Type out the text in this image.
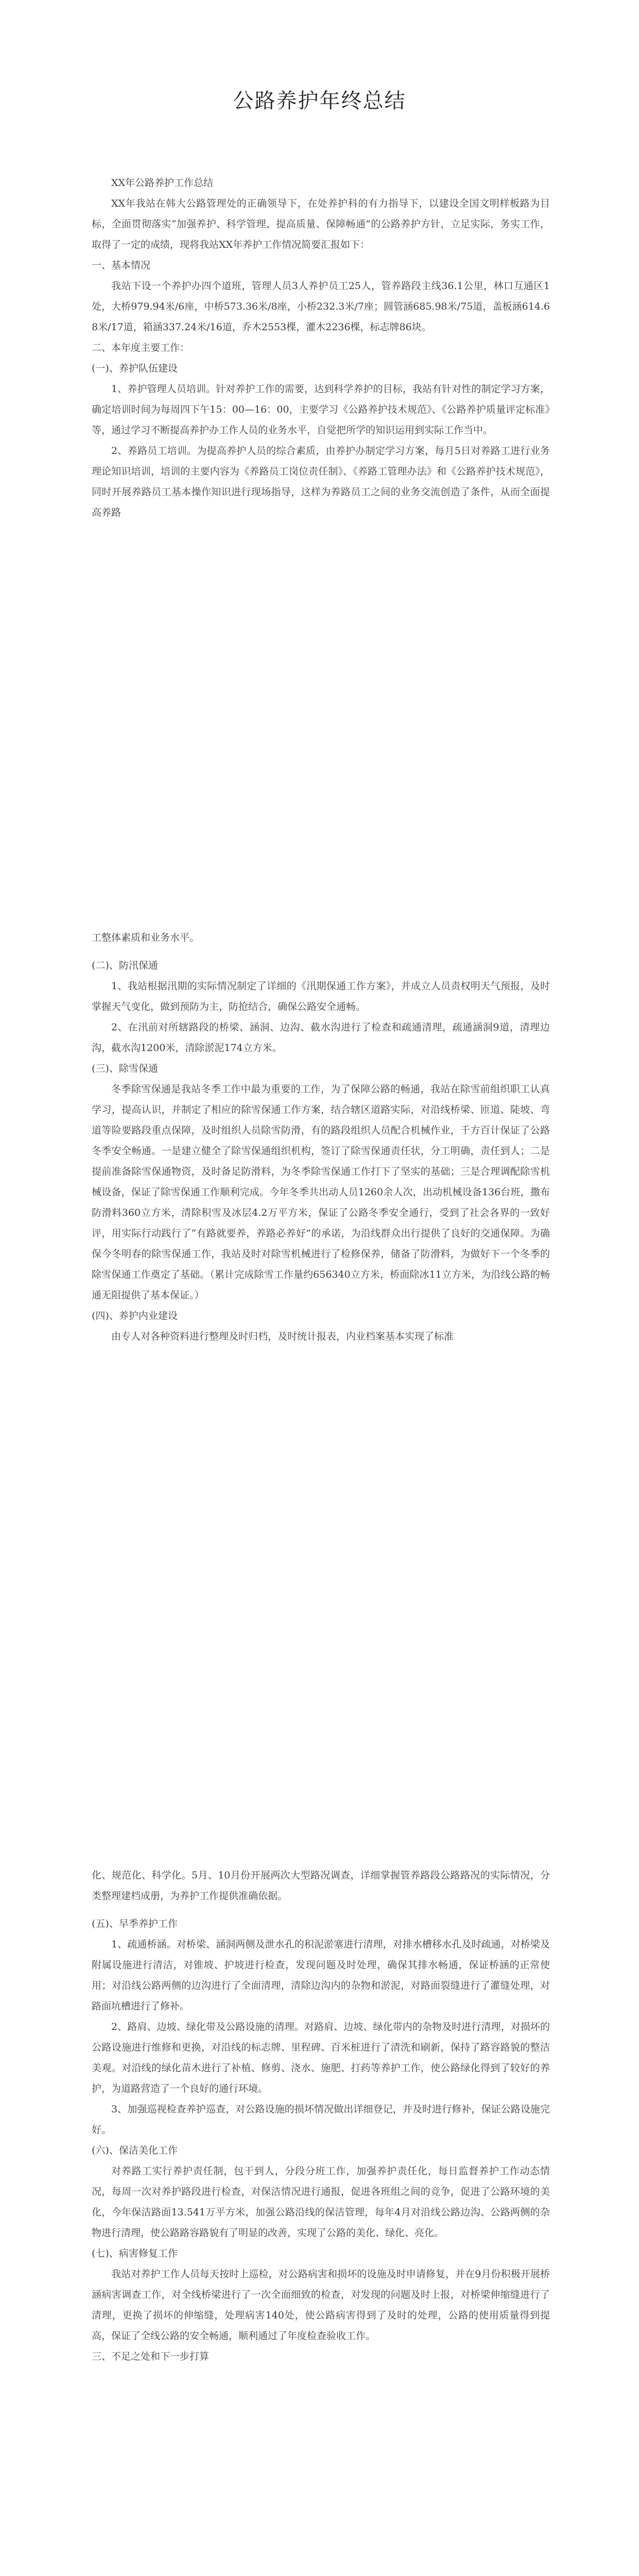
公路养护年终总结

XX年公路养护工作总结

XX年我站在韩大公路管理处的正确领导下，在处养护科的有力指导下，以建设全国文明样板路为目标，全面贯彻落实“加强养护、科学管理、提高质量、保障畅通”的公路养护方针，立足实际，务实工作，取得了一定的成绩，现将我站XX年养护工作情况简要汇报如下：

一、基本情况

我站下设一个养护办四个道班，管理人员3人养护员工25人，管养路段主线36.1公里，林口互通区1处，大桥979.94米/6座，中桥573.36米/8座，小桥232.3米/7座；圆管涵685.98米/75道，盖板涵614.68米/17道，箱涵337.24米/16道，乔木2553棵，灌木2236棵，标志牌86块。

二、本年度主要工作：

(一)、养护队伍建设

1、养护管理人员培训。针对养护工作的需要，达到科学养护的目标，我站有针对性的制定学习方案，确定培训时间为每周四下午15：00—16：00，主要学习《公路养护技术规范》、《公路养护质量评定标准》等，通过学习不断提高养护办工作人员的业务水平，自觉把所学的知识运用到实际工作当中。

2、养路员工培训。为提高养护人员的综合素质，由养护办制定学习方案，每月5日对养路工进行业务理论知识培训，培训的主要内容为《养路员工岗位责任制》、《养路工管理办法》和《公路养护技术规范》，同时开展养路员工基本操作知识进行现场指导，这样为养路员工之间的业务交流创造了条件，从而全面提高养路

工整体素质和业务水平。

(二)、防汛保通

1、我站根据汛期的实际情况制定了详细的《汛期保通工作方案》，并成立人员责权明天气预报，及时掌握天气变化，做到预防为主，防抢结合，确保公路安全通畅。

2、在汛前对所辖路段的桥梁、涵洞、边沟、截水沟进行了检查和疏通清理，疏通涵洞9道，清理边沟，截水沟1200米，清除淤泥174立方米。

(三)、除雪保通

冬季除雪保通是我站冬季工作中最为重要的工作，为了保障公路的畅通，我站在除雪前组织职工认真学习，提高认识，并制定了相应的除雪保通工作方案，结合辖区道路实际，对沿线桥梁、匝道、陡坡、弯道等险要路段重点保障，及时组织人员除雪防滑，有的路段组织人员配合机械作业，千方百计保证了公路冬季安全畅通。一是建立健全了除雪保通组织机构，签订了除雪保通责任状，分工明确，责任到人；二是提前准备除雪保通物资，及时备足防滑料，为冬季除雪保通工作打下了坚实的基础；三是合理调配除雪机械设备，保证了除雪保通工作顺利完成。今年冬季共出动人员1260余人次，出动机械设备136台班，撒布防滑料360立方米，清除积雪及冰层4.2万平方米，保证了公路冬季安全通行，受到了社会各界的一致好评，用实际行动践行了“有路就要养，养路必养好”的承诺，为沿线群众出行提供了良好的交通保障。为确保今冬明春的除雪保通工作，我站及时对除雪机械进行了检修保养，储备了防滑料，为做好下一个冬季的除雪保通工作奠定了基础。（累计完成除雪工作量约656340立方米，桥面除冰11立方米，为沿线公路的畅通无阻提供了基本保证。）

(四)、养护内业建设

由专人对各种资料进行整理及时归档，及时统计报表，内业档案基本实现了标准

化、规范化、科学化。5月、10月份开展两次大型路况调查，详细掌握管养路段公路路况的实际情况，分类整理建档成册，为养护工作提供准确依据。

(五)、早季养护工作

1、疏通桥涵。对桥梁、涵洞两侧及泄水孔的积泥淤塞进行清理，对排水槽移水孔及时疏通，对桥梁及附属设施进行清洁，对锥坡、护坡进行检查，发现问题及时处理，确保其排水畅通，保证桥涵的正常使用；对沿线公路两侧的边沟进行了全面清理，清除边沟内的杂物和淤泥，对路面裂缝进行了灌缝处理，对路面坑槽进行了修补。

2、路肩、边坡、绿化带及公路设施的清理。对路肩、边坡、绿化带内的杂物及时进行清理，对损坏的公路设施进行维修和更换，对沿线的标志牌、里程碑、百米桩进行了清洗和刷新，保持了路容路貌的整洁美观。对沿线的绿化苗木进行了补植、修剪、浇水、施肥、打药等养护工作，使公路绿化得到了较好的养护，为道路营造了一个良好的通行环境。

3、加强巡视检查养护巡查，对公路设施的损坏情况做出详细登记，并及时进行修补，保证公路设施完好。

(六)、保洁美化工作

对养路工实行养护责任制，包干到人，分段分班工作，加强养护责任化，每日监督养护工作动态情况，每周一次对养护路段进行检查，对保洁情况进行通报，促进各班组之间的竞争，促进了公路环境的美化，今年保洁路面13.541万平方米，加强公路沿线的保洁管理，每年4月对沿线公路边沟、公路两侧的杂物进行清理，使公路路容路貌有了明显的改善，实现了公路的美化、绿化、亮化。

(七)、病害修复工作

我站对养护工作人员每天按时上巡检，对公路病害和损坏的设施及时申请修复，并在9月份积极开展桥涵病害调查工作，对全线桥梁进行了一次全面细致的检查，对发现的问题及时上报，对桥梁伸缩缝进行了清理，更换了损坏的伸缩缝，处理病害140处，使公路病害得到了及时的处理，公路的使用质量得到提高，保证了全线公路的安全畅通，顺利通过了年度检查验收工作。

三、不足之处和下一步打算
